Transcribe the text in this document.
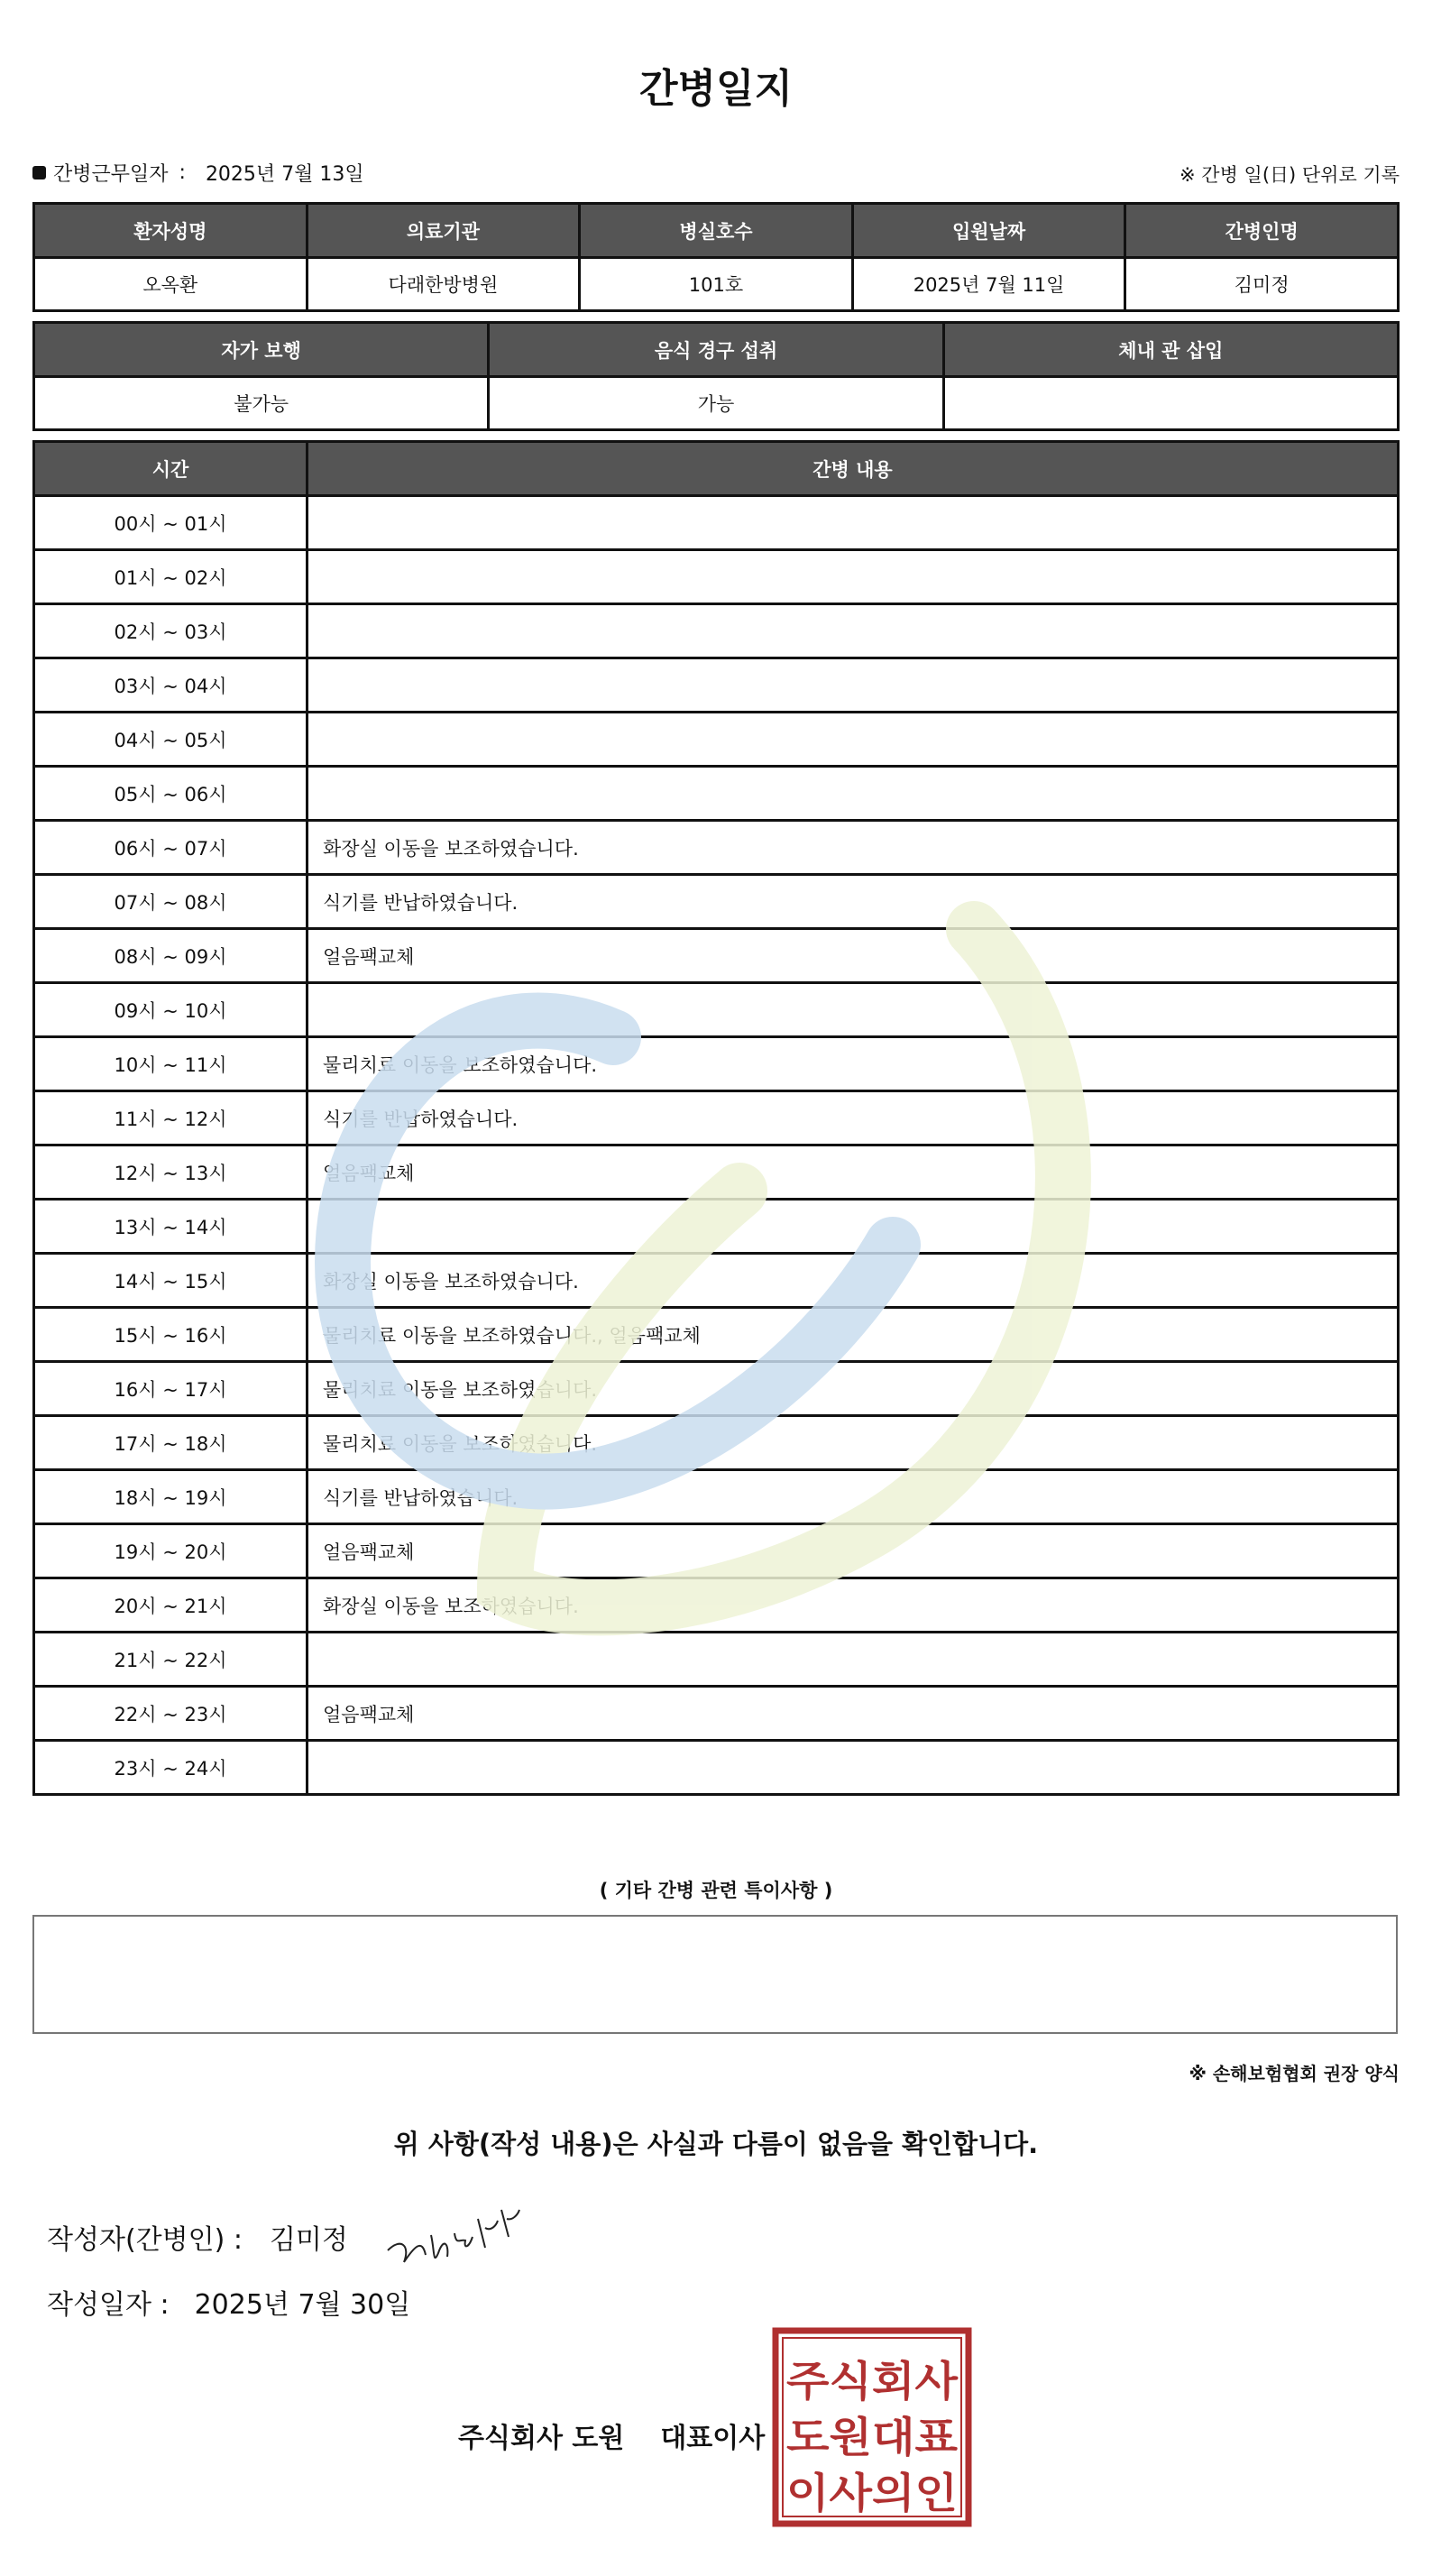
간병일지
간병근무일자 : 2025년 7월 13일	※ 간병 일(日) 단위로 기록
환자성명	의료기관	병실호수	입원날짜	간병인명
오옥환	다래한방병원	101호	2025년 7월 11일	김미정
자가 보행	음식 경구 섭취	체내 관 삽입
불가능	가능	
시간	간병 내용
00시 ~ 01시	
01시 ~ 02시	
02시 ~ 03시	
03시 ~ 04시	
04시 ~ 05시	
05시 ~ 06시	
06시 ~ 07시	화장실 이동을 보조하였습니다.
07시 ~ 08시	식기를 반납하였습니다.
08시 ~ 09시	얼음팩교체
09시 ~ 10시	
10시 ~ 11시	물리치료 이동을 보조하였습니다.
11시 ~ 12시	식기를 반납하였습니다.
12시 ~ 13시	얼음팩교체
13시 ~ 14시	
14시 ~ 15시	화장실 이동을 보조하였습니다.
15시 ~ 16시	물리치료 이동을 보조하였습니다., 얼음팩교체
16시 ~ 17시	물리치료 이동을 보조하였습니다.
17시 ~ 18시	물리치료 이동을 보조하였습니다.
18시 ~ 19시	식기를 반납하였습니다.
19시 ~ 20시	얼음팩교체
20시 ~ 21시	화장실 이동을 보조하였습니다.
21시 ~ 22시	
22시 ~ 23시	얼음팩교체
23시 ~ 24시	
( 기타 간병 관련 특이사항 )
※ 손해보험협회 권장 양식
위 사항(작성 내용)은 사실과 다름이 없음을 확인합니다.
작성자(간병인) : 김미정
작성일자 : 2025년 7월 30일
주식회사 도원 대표이사
주식회사
도원대표
이사의인
